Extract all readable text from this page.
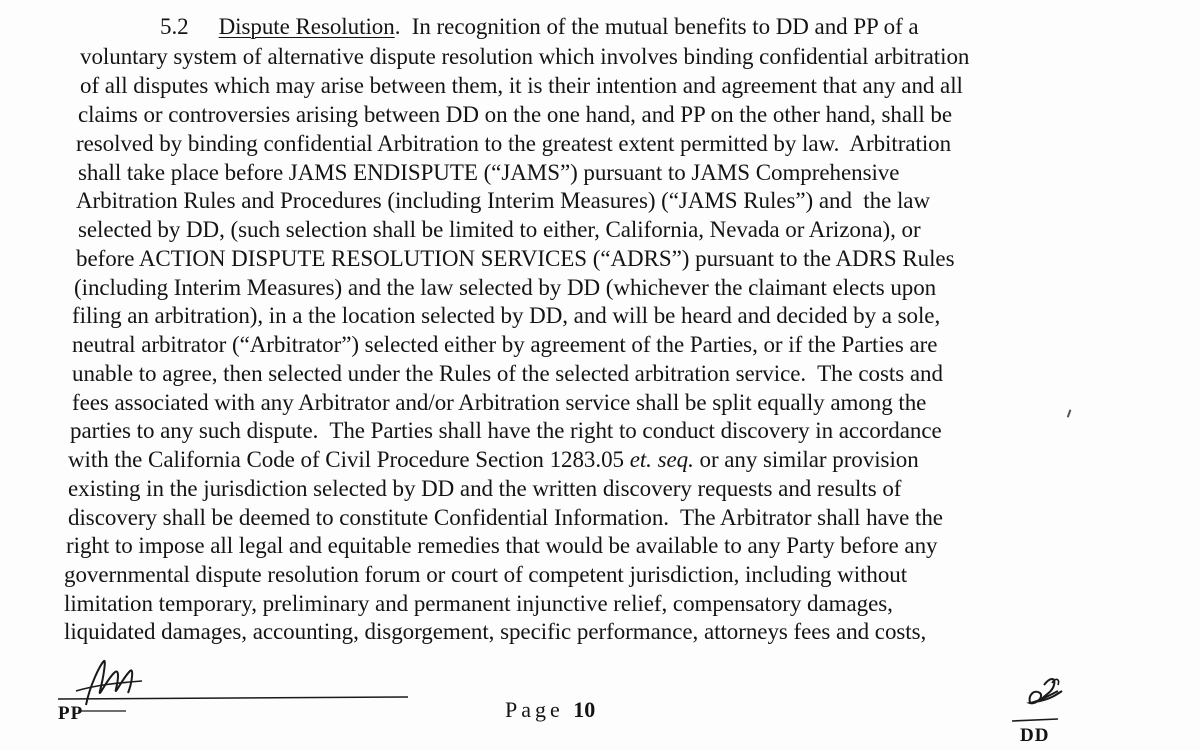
5.2 Dispute Resolution. In recognition of the mutual benefits to DD and PP of a
voluntary system of alternative dispute resolution which involves binding confidential arbitration
of all disputes which may arise between them, it is their intention and agreement that any and all
claims or controversies arising between DD on the one hand, and PP on the other hand, shall be
resolved by binding confidential Arbitration to the greatest extent permitted by law.  Arbitration
shall take place before JAMS ENDISPUTE (“JAMS”) pursuant to JAMS Comprehensive
Arbitration Rules and Procedures (including Interim Measures) (“JAMS Rules”) and  the law
selected by DD, (such selection shall be limited to either, California, Nevada or Arizona), or
before ACTION DISPUTE RESOLUTION SERVICES (“ADRS”) pursuant to the ADRS Rules
(including Interim Measures) and the law selected by DD (whichever the claimant elects upon
filing an arbitration), in a the location selected by DD, and will be heard and decided by a sole,
neutral arbitrator (“Arbitrator”) selected either by agreement of the Parties, or if the Parties are
unable to agree, then selected under the Rules of the selected arbitration service.  The costs and
fees associated with any Arbitrator and/or Arbitration service shall be split equally among the
parties to any such dispute.  The Parties shall have the right to conduct discovery in accordance
with the California Code of Civil Procedure Section 1283.05 et. seq. or any similar provision
existing in the jurisdiction selected by DD and the written discovery requests and results of
discovery shall be deemed to constitute Confidential Information.  The Arbitrator shall have the
right to impose all legal and equitable remedies that would be available to any Party before any
governmental dispute resolution forum or court of competent jurisdiction, including without
limitation temporary, preliminary and permanent injunctive relief, compensatory damages,
liquidated damages, accounting, disgorgement, specific performance, attorneys fees and costs,
PP	Page 10
DD
